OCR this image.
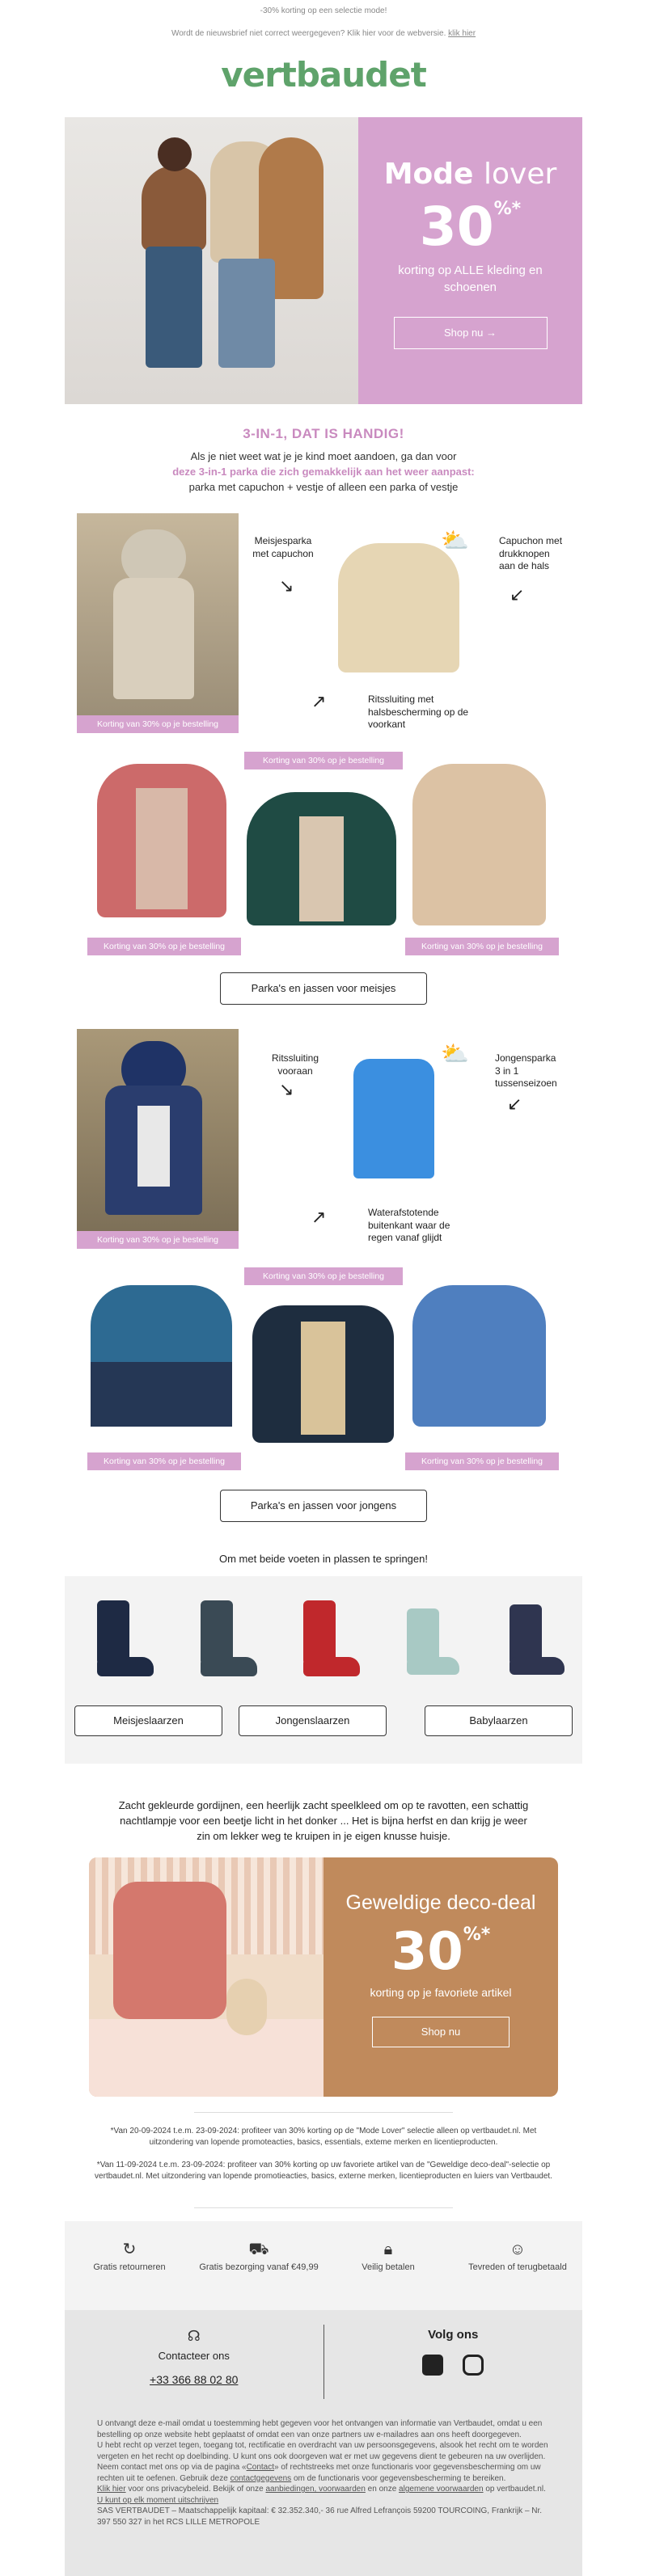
-30% korting op een selectie mode!
Wordt de nieuwsbrief niet correct weergegeven? Klik hier voor de webversie. klik hier
vertbaudet
Mode lover
30%*
korting op ALLE kleding en schoenen
Shop nu →
3-IN-1, DAT IS HANDIG!
Als je niet weet wat je je kind moet aandoen, ga dan voor
deze 3-in-1 parka die zich gemakkelijk aan het weer aanpast:
parka met capuchon + vestje of alleen een parka of vestje
Korting van 30% op je bestelling
Meisjesparka met capuchon
↘
⛅	Capuchon met drukknopen aan de hals
↙
↗	Ritssluiting met halsbescherming op de voorkant
Korting van 30% op je bestelling
Korting van 30% op je bestelling	Korting van 30% op je bestelling
Parka's en jassen voor meisjes
Korting van 30% op je bestelling
Ritssluiting vooraan
↘
⛅	Jongensparka 3 in 1 tussenseizoen
↙
↗	Waterafstotende buitenkant waar de regen vanaf glijdt
Korting van 30% op je bestelling
Korting van 30% op je bestelling	Korting van 30% op je bestelling
Parka's en jassen voor jongens
Om met beide voeten in plassen te springen!
Meisjeslaarzen	Jongenslaarzen	Babylaarzen
Zacht gekleurde gordijnen, een heerlijk zacht speelkleed om op te ravotten, een schattig nachtlampje voor een beetje licht in het donker ... Het is bijna herfst en dan krijg je weer zin om lekker weg te kruipen in je eigen knusse huisje.
Geweldige deco-deal
30%*
korting op je favoriete artikel
Shop nu
*Van 20-09-2024 t.e.m. 23-09-2024: profiteer van 30% korting op de "Mode Lover" selectie alleen op vertbaudet.nl. Met uitzondering van lopende promoteacties, basics, essentials, exteme merken en licentieproducten.
*Van 11-09-2024 t.e.m. 23-09-2024: profiteer van 30% korting op uw favoriete artikel van de "Geweldige deco-deal"-selectie op vertbaudet.nl. Met uitzondering van lopende promotieacties, basics, externe merken, licentieproducten en luiers van Vertbaudet.
↻
Gratis retourneren
⛟
Gratis bezorging vanaf €49,99
🔒︎
Veilig betalen
☺
Tevreden of terugbetaald
☊
Contacteer ons
+33 366 88 02 80
Volg ons

U ontvangt deze e-mail omdat u toestemming hebt gegeven voor het ontvangen van informatie van Vertbaudet, omdat u een bestelling op onze website hebt geplaatst of omdat een van onze partners uw e-mailadres aan ons heeft doorgegeven.
U hebt recht op verzet tegen, toegang tot, rectificatie en overdracht van uw persoonsgegevens, alsook het recht om te worden vergeten en het recht op doelbinding. U kunt ons ook doorgeven wat er met uw gegevens dient te gebeuren na uw overlijden.
Neem contact met ons op via de pagina «Contact» of rechtstreeks met onze functionaris voor gegevensbescherming om uw rechten uit te oefenen. Gebruik deze contactgegevens om de functionaris voor gegevensbescherming te bereiken.
Klik hier voor ons privacybeleid. Bekijk of onze aanbiedingen, voorwaarden en onze algemene voorwaarden op vertbaudet.nl. U kunt op elk moment uitschrijven
SAS VERTBAUDET – Maatschappelijk kapitaal: € 32.352.340,- 36 rue Alfred Lefrançois 59200 TOURCOING, Frankrijk – Nr. 397 550 327 in het RCS LILLE METROPOLE
